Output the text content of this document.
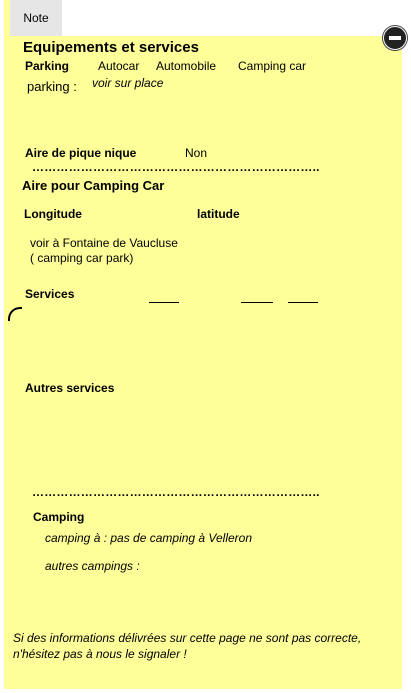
Note
Equipements et services
Parking Autocar Automobile Camping car
parking : voir sur place
Aire de pique nique	Non
……………………………………………………………..
Aire pour Camping Car
Longitude	latitude
voir à Fontaine de Vaucluse
( camping car park)
Services
Autres services
……………………………………………………………..
Camping
camping à : pas de camping à Velleron
autres campings :
Si des informations délivrées sur cette page ne sont pas correcte,
n'hésitez pas à nous le signaler !
